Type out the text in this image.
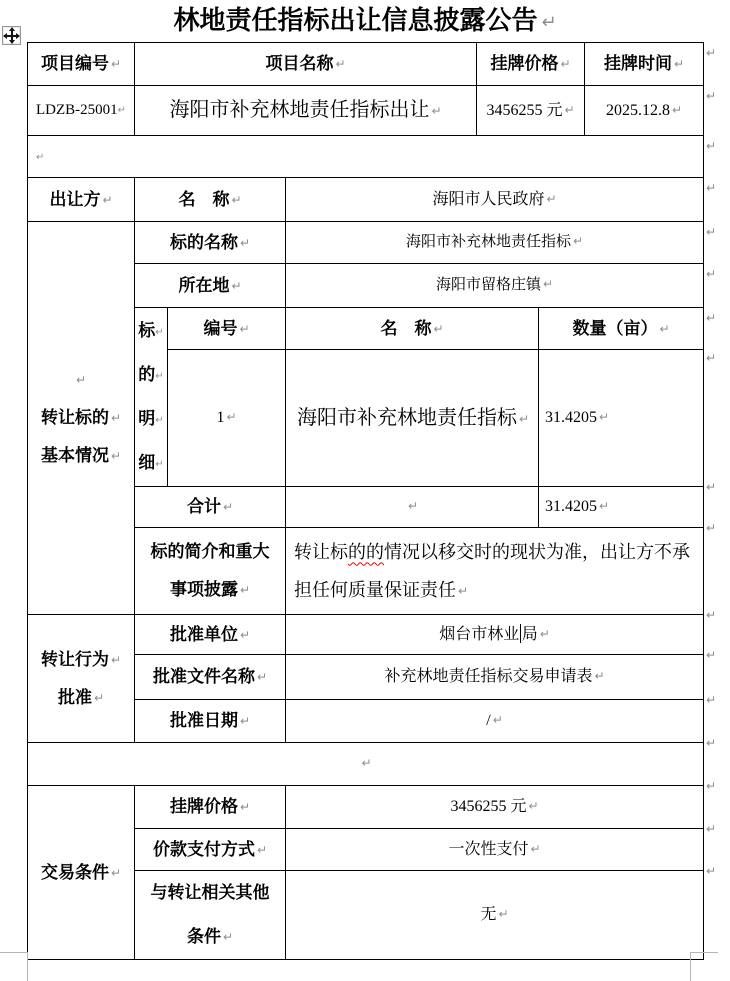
林地责任指标出让信息披露公告 ↵
项目编号 ↵	项目名称 ↵			挂牌价格 ↵		挂牌时间 ↵
LDZB-25001↵	海阳市补充林地责任指标出让 ↵			3456255 元 ↵		2025.12.8 ↵
↵						
出让方 ↵	名　称 ↵		海阳市人民政府 ↵			
↵
转让标的 ↵
基本情况 ↵	标的名称 ↵		海阳市补充林地责任指标 ↵			
	所在地 ↵		海阳市留格庄镇 ↵			
	标↵
的↵
明↵
细↵	编号 ↵	名　称 ↵		数量（亩） ↵	
		1 ↵	海阳市补充林地责任指标 ↵		31.4205 ↵	
	合计 ↵		↵		31.4205 ↵	
	标的简介和重大
事项披露 ↵		转让标的的情况以移交时的现状为准，出让方不承
担任何质量保证责任 ↵			
转让行为 ↵
批准 ↵	批准单位 ↵		烟台市林业 局 ↵			
	批准文件名称 ↵		补充林地责任指标交易申请表 ↵			
	批准日期 ↵		/ ↵			
↵						
交易条件 ↵	挂牌价格 ↵		3456255 元 ↵			
	价款支付方式 ↵		一次性支付 ↵			
	与转让相关其他
条件 ↵		无 ↵			
↵
↵
↵
↵
↵
↵
↵
↵
↵
↵
↵
↵
↵
↵
↵
↵
↵
